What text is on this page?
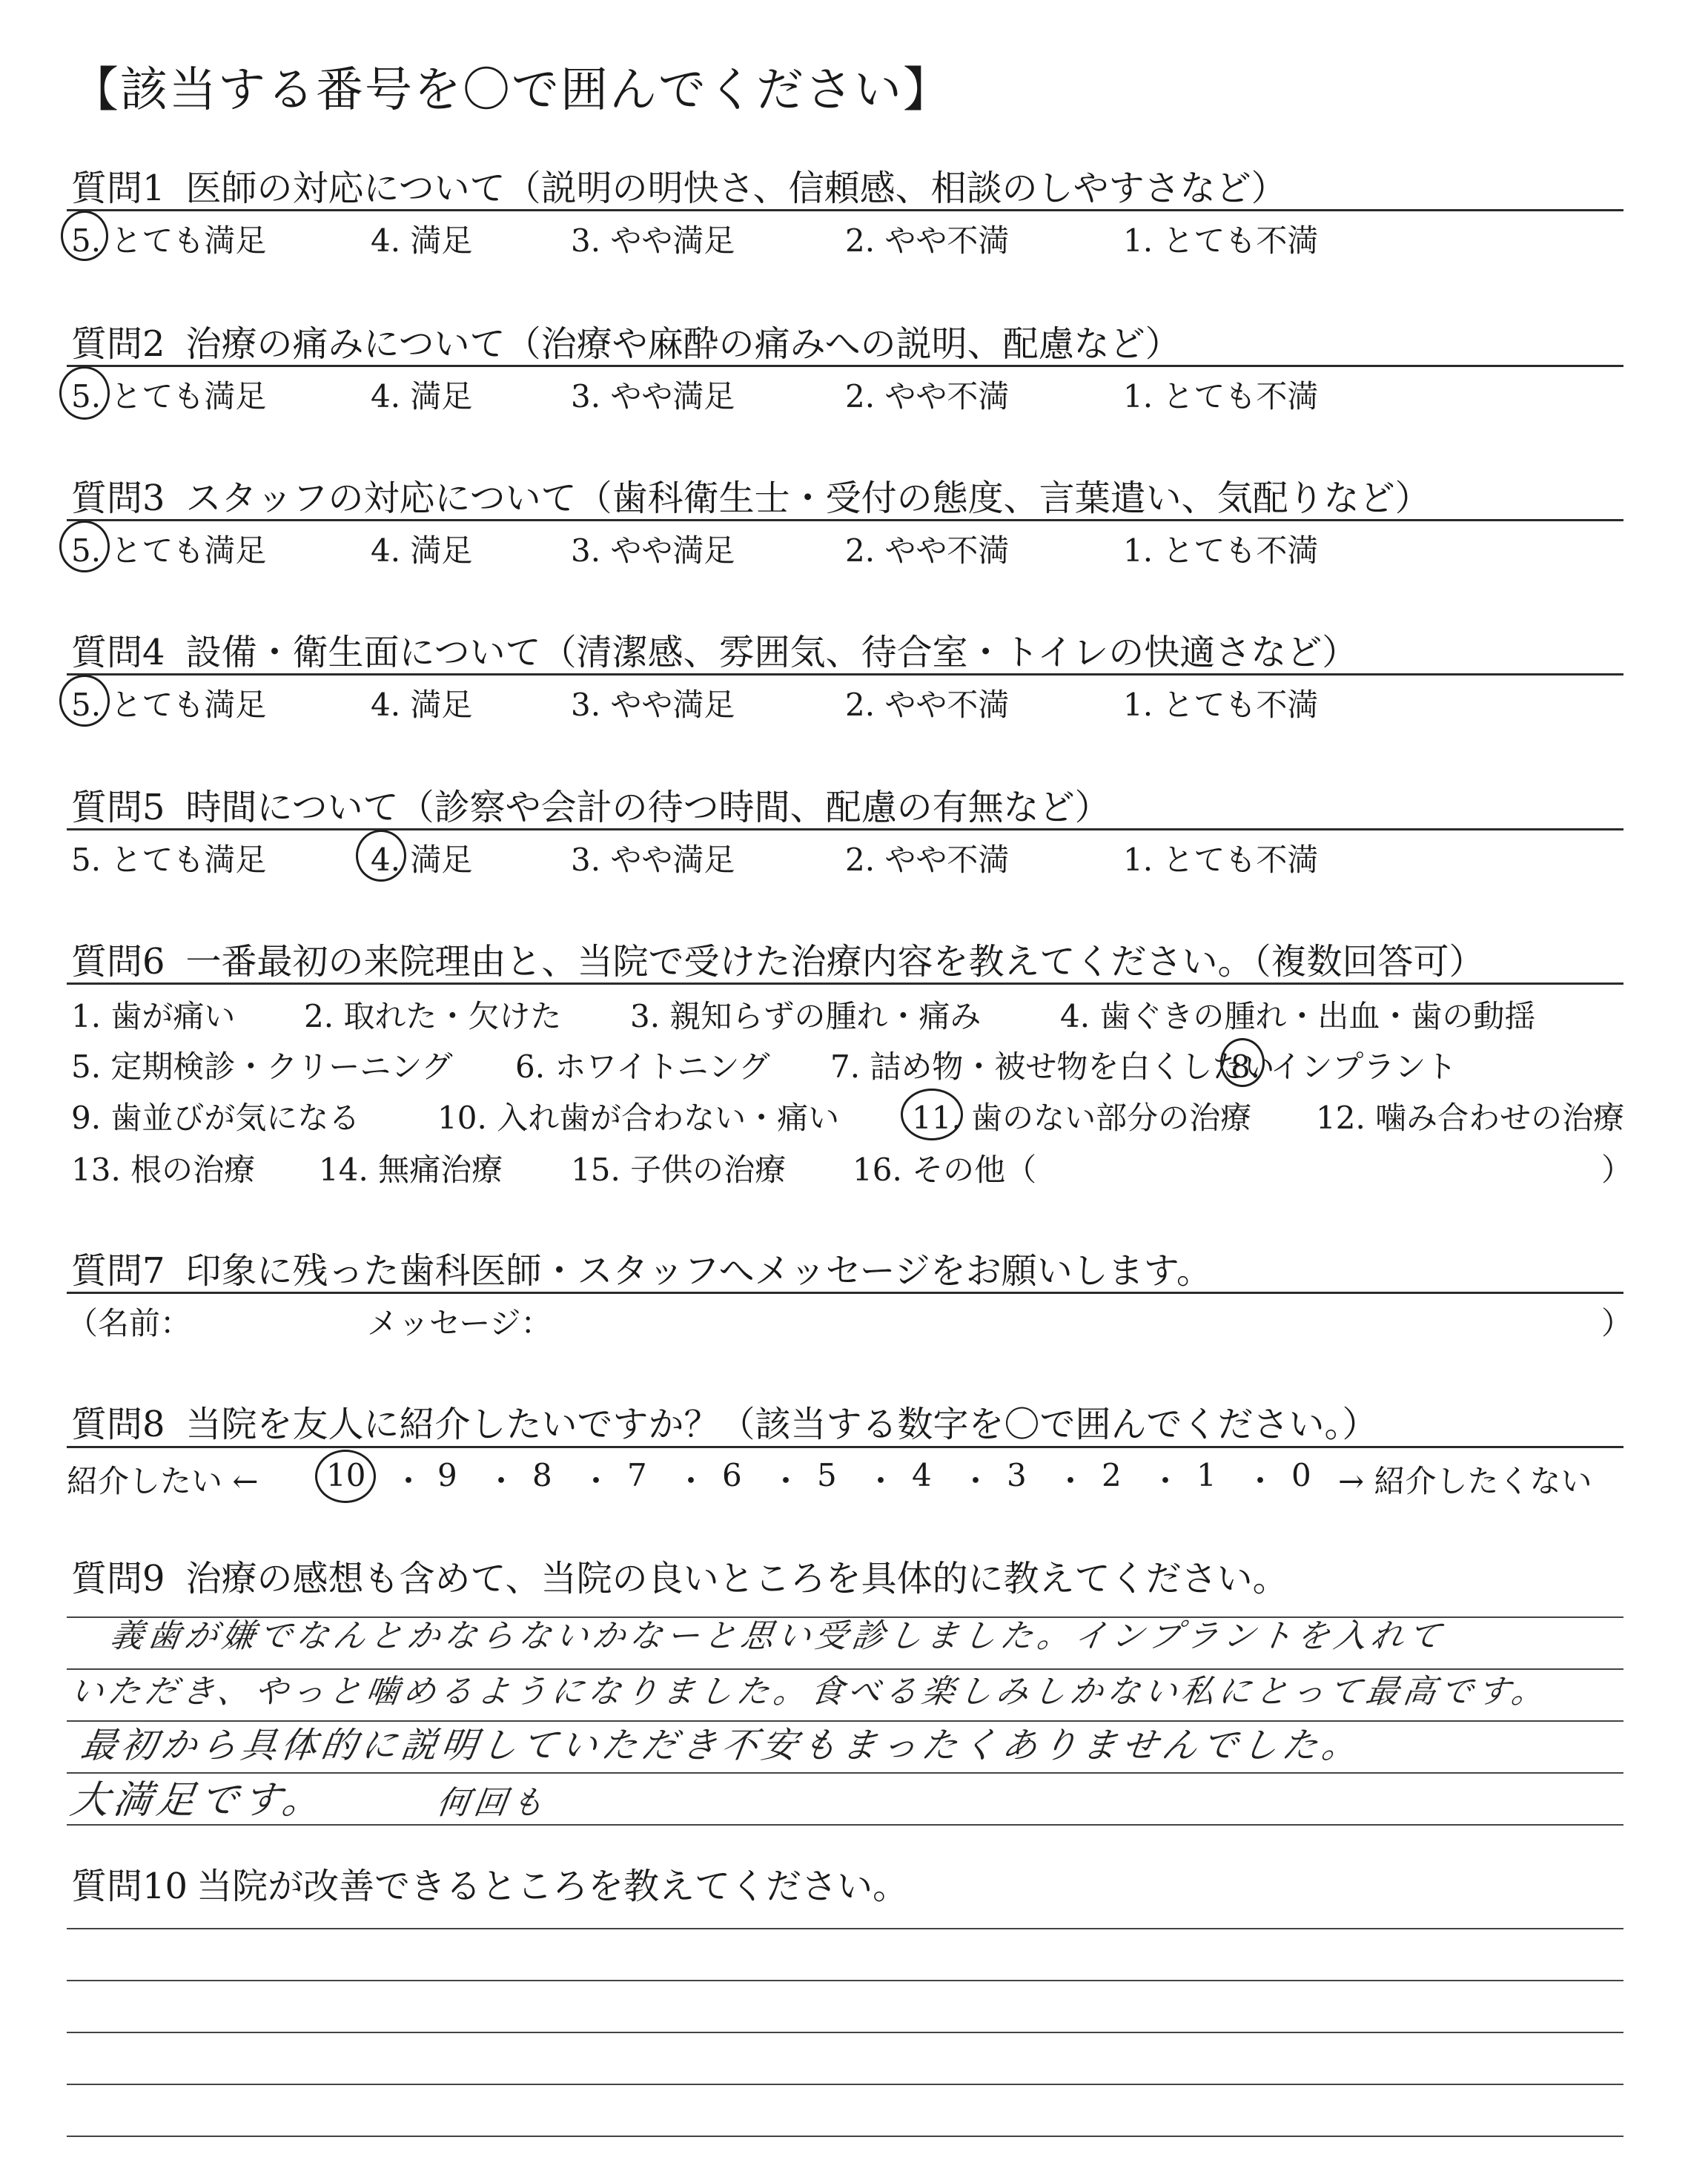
【該当する番号を〇で囲んでください】
質問1 医師の対応について（説明の明快さ、信頼感、相談のしやすさなど）
5. とても満足	4. 満足	3. やや満足	2. やや不満	1. とても不満
質問2 治療の痛みについて（治療や麻酔の痛みへの説明、配慮など）
5. とても満足	4. 満足	3. やや満足	2. やや不満	1. とても不満
質問3 スタッフの対応について（歯科衛生士・受付の態度、言葉遣い、気配りなど）
5. とても満足	4. 満足	3. やや満足	2. やや不満	1. とても不満
質問4 設備・衛生面について（清潔感、雰囲気、待合室・トイレの快適さなど）
5. とても満足	4. 満足	3. やや満足	2. やや不満	1. とても不満
質問5 時間について（診察や会計の待つ時間、配慮の有無など）
5. とても満足	4. 満足	3. やや満足	2. やや不満	1. とても不満
質問6 一番最初の来院理由と、当院で受けた治療内容を教えてください。（複数回答可）
1. 歯が痛い 2. 取れた・欠けた 3. 親知らずの腫れ・痛み	4. 歯ぐきの腫れ・出血・歯の動揺
5. 定期検診・クリーニング 6. ホワイトニング 7. 詰め物・被せ物を白くしたい
8. インプラント
9. 歯並びが気になる 10. 入れ歯が合わない・痛い 11. 歯のない部分の治療 12. 噛み合わせの治療
13. 根の治療 14. 無痛治療 15. 子供の治療 16. その他（	）
質問7 印象に残った歯科医師・スタッフへメッセージをお願いします。
（名前：	メッセージ：	）
質問8 当院を友人に紹介したいですか？（該当する数字を〇で囲んでください。）
紹介したい ← 10 ・ 9 ・ 8 ・ 7 ・ 6 ・ 5 ・ 4 ・ 3 ・ 2 ・ 1 ・ 0 → 紹介したくない
質問9 治療の感想も含めて、当院の良いところを具体的に教えてください。
義歯が嫌でなんとかならないかなーと思い受診しました。インプラントを入れて
いただき、やっと噛めるようになりました。食べる楽しみしかない私にとって最高です。
最初から具体的に説明していただき不安もまったくありませんでした。
大満足です。	何回も
質問10 当院が改善できるところを教えてください。
